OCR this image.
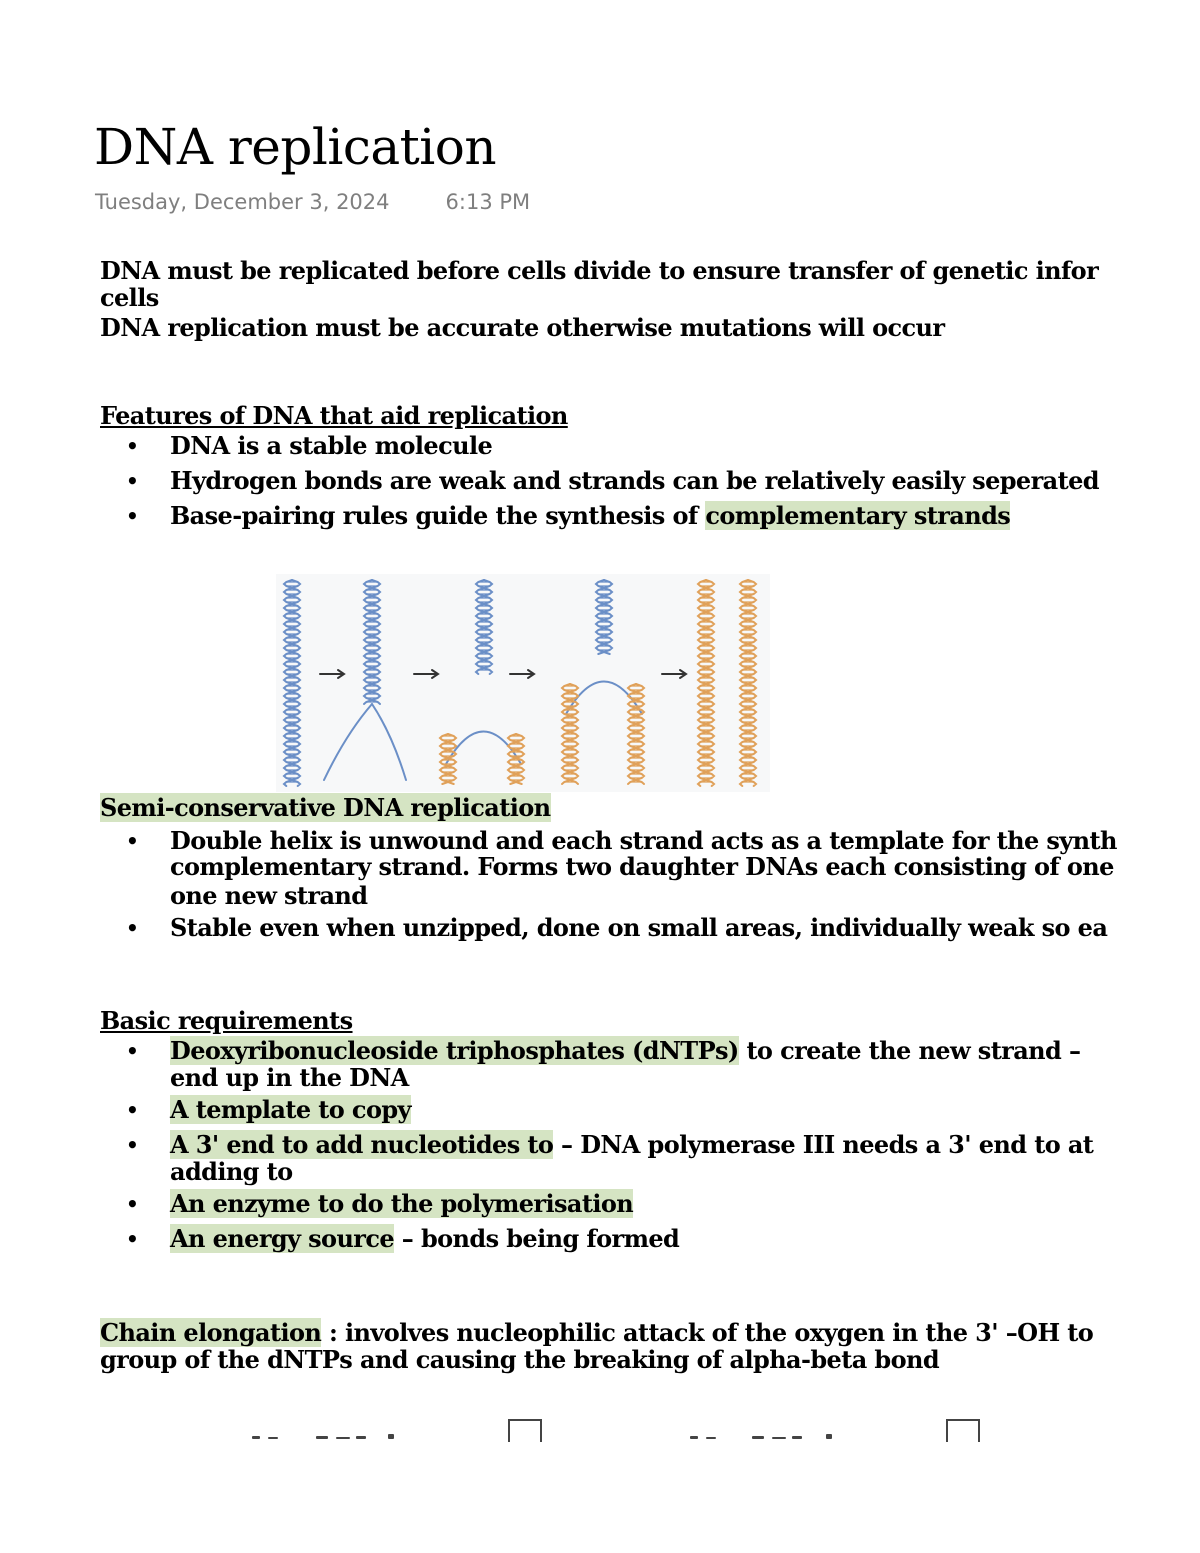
DNA replication
Tuesday, December 3, 2024	6:13 PM
DNA must be replicated before cells divide to ensure transfer of genetic infor
cells
DNA replication must be accurate otherwise mutations will occur
Features of DNA that aid replication
• DNA is a stable molecule
• Hydrogen bonds are weak and strands can be relatively easily seperated
• Base-pairing rules guide the synthesis of complementary strands
Semi-conservative DNA replication
• Double helix is unwound and each strand acts as a template for the synth
complementary strand. Forms two daughter DNAs each consisting of one
one new strand
• Stable even when unzipped, done on small areas, individually weak so ea
Basic requirements
• Deoxyribonucleoside triphosphates (dNTPs) to create the new strand –
end up in the DNA
• A template to copy
• A 3' end to add nucleotides to – DNA polymerase III needs a 3' end to at
adding to
• An enzyme to do the polymerisation
• An energy source – bonds being formed
Chain elongation : involves nucleophilic attack of the oxygen in the 3' –OH to
group of the dNTPs and causing the breaking of alpha-beta bond
